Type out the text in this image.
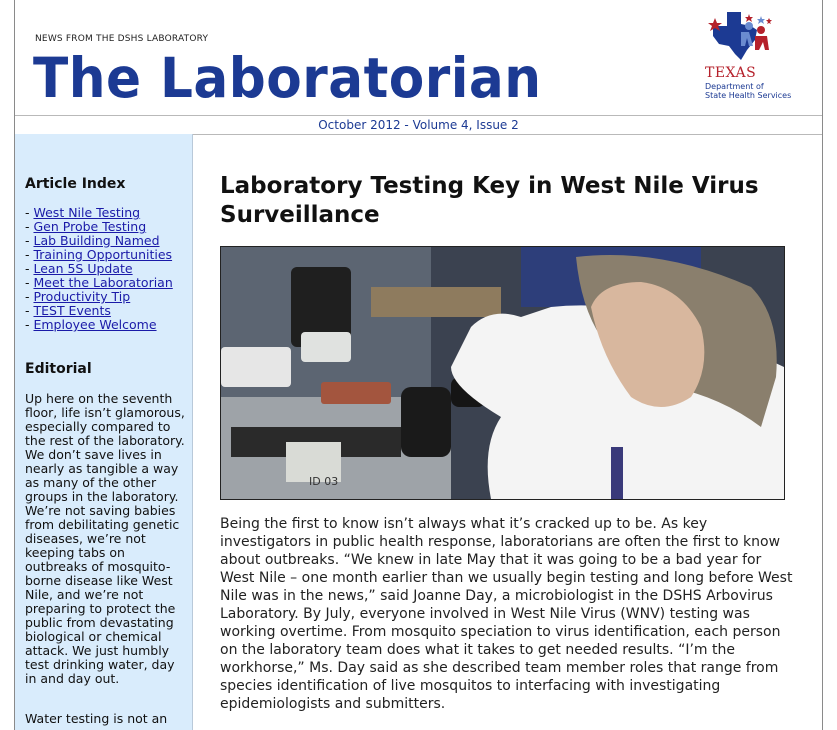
NEWS FROM THE DSHS LABORATORY
The Laboratorian	TEXAS
Department of
State Health Services
October 2012 - Volume 4, Issue 2
Article Index
- West Nile Testing
- Gen Probe Testing
- Lab Building Named
- Training Opportunities
- Lean 5S Update
- Meet the Laboratorian
- Productivity Tip
- TEST Events
- Employee Welcome
Editorial

Up here on the seventh floor, life isn’t glamorous, especially compared to the rest of the laboratory. We don’t save lives in nearly as tangible a way as many of the other groups in the laboratory. We’re not saving babies from debilitating genetic diseases, we’re not keeping tabs on outbreaks of mosquito-borne disease like West Nile, and we’re not preparing to protect the public from devastating biological or chemical attack. We just humbly test drinking water, day in and day out.

Water testing is not an

Laboratory Testing Key in West Nile Virus Surveillance
ID 03

Being the first to know isn’t always what it’s cracked up to be. As key investigators in public health response, laboratorians are often the first to know about outbreaks. “We knew in late May that it was going to be a bad year for West Nile – one month earlier than we usually begin testing and long before West Nile was in the news,” said Joanne Day, a microbiologist in the DSHS Arbovirus Laboratory. By July, everyone involved in West Nile Virus (WNV) testing was working overtime. From mosquito speciation to virus identification, each person on the laboratory team does what it takes to get needed results. “I’m the workhorse,” Ms. Day said as she described team member roles that range from species identification of live mosquitos to interfacing with investigating epidemiologists and submitters.
